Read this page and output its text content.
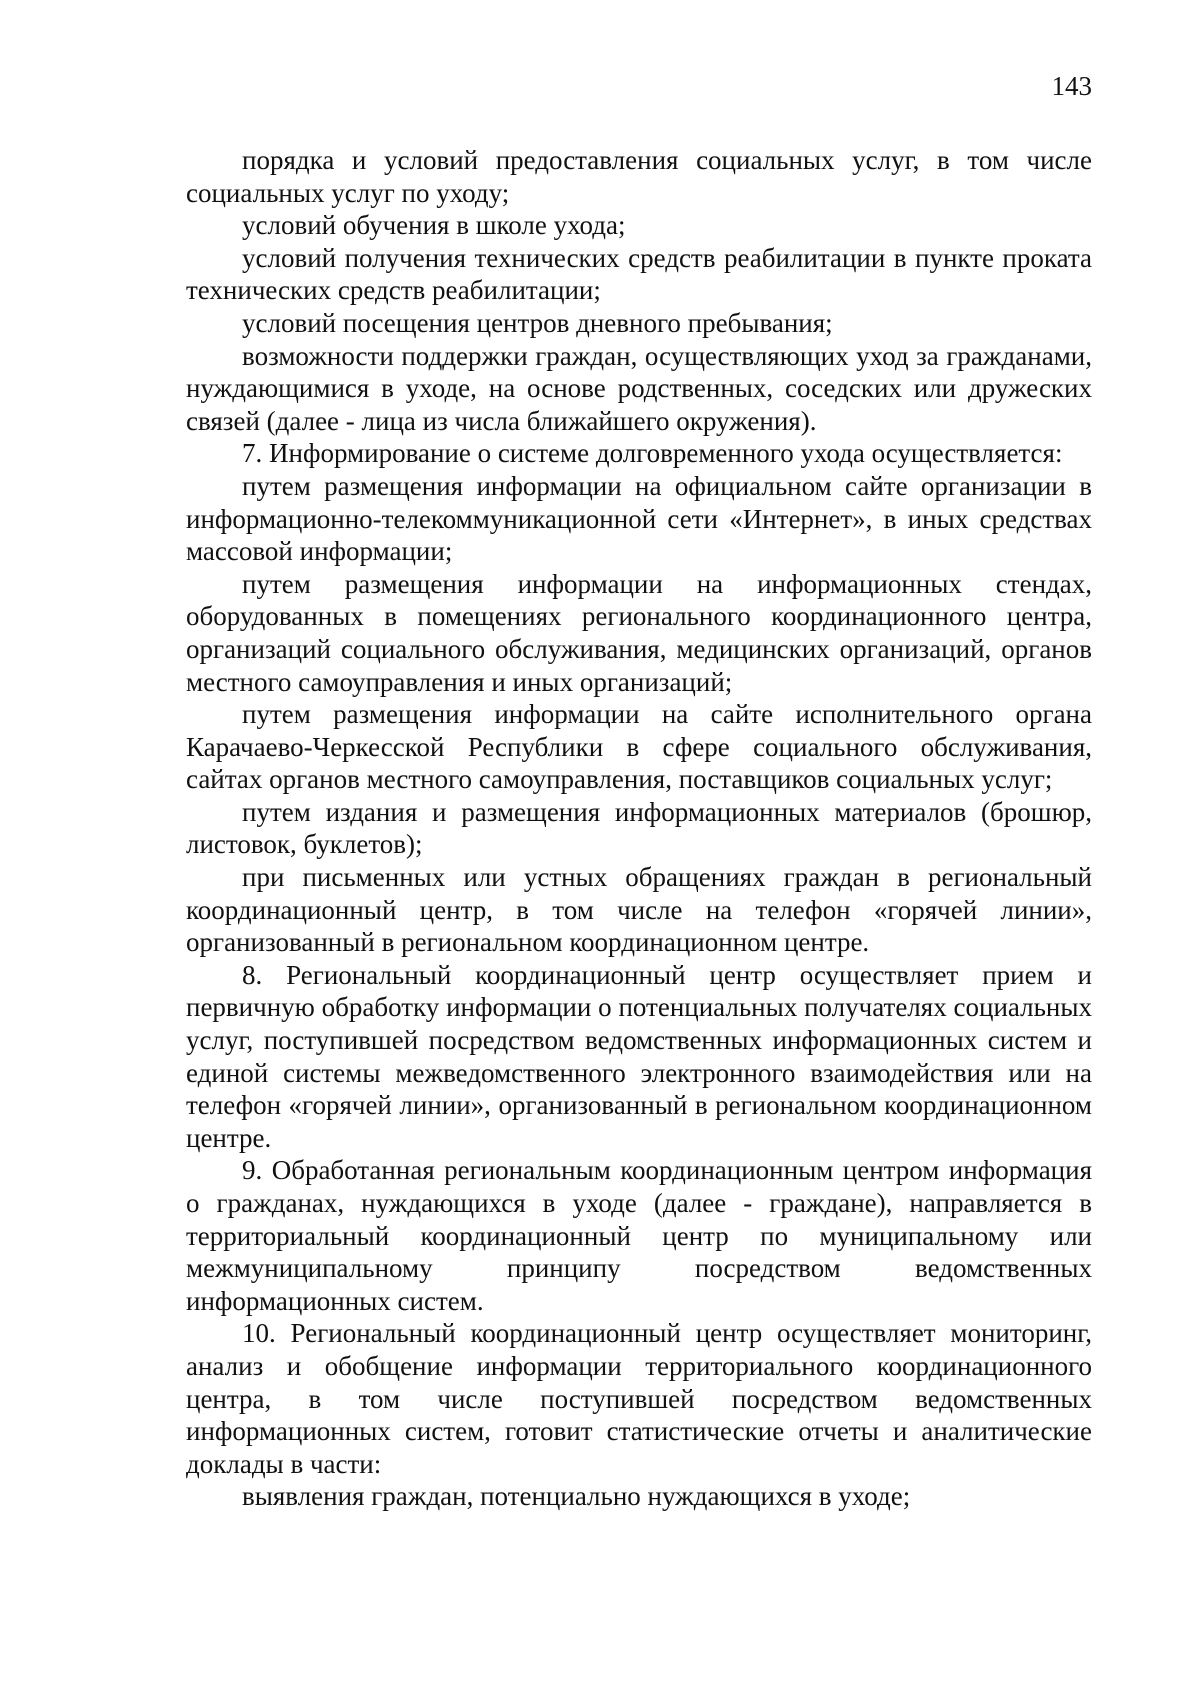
143

порядка и условий предоставления социальных услуг, в том числе социальных услуг по уходу;

условий обучения в школе ухода;

условий получения технических средств реабилитации в пункте проката технических средств реабилитации;

условий посещения центров дневного пребывания;

возможности поддержки граждан, осуществляющих уход за гражданами, нуждающимися в уходе, на основе родственных, соседских или дружеских связей (далее - лица из числа ближайшего окружения).

7. Информирование о системе долговременного ухода осуществляется:

путем размещения информации на официальном сайте организации в информационно-телекоммуникационной сети «Интернет», в иных средствах массовой информации;

путем размещения информации на информационных стендах, оборудованных в помещениях регионального координационного центра, организаций социального обслуживания, медицинских организаций, органов местного самоуправления и иных организаций;

путем размещения информации на сайте исполнительного органа Карачаево-Черкесской Республики в сфере социального обслуживания, сайтах органов местного самоуправления, поставщиков социальных услуг;

путем издания и размещения информационных материалов (брошюр, листовок, буклетов);

при письменных или устных обращениях граждан в региональный координационный центр, в том числе на телефон «горячей линии», организованный в региональном координационном центре.

8. Региональный координационный центр осуществляет прием и первичную обработку информации о потенциальных получателях социальных услуг, поступившей посредством ведомственных информационных систем и единой системы межведомственного электронного взаимодействия или на телефон «горячей линии», организованный в региональном координационном центре.

9. Обработанная региональным координационным центром информация о гражданах, нуждающихся в уходе (далее - граждане), направляется в территориальный координационный центр по муниципальному или межмуниципальному принципу посредством ведомственных информационных систем.

10. Региональный координационный центр осуществляет мониторинг, анализ и обобщение информации территориального координационного центра, в том числе поступившей посредством ведомственных информационных систем, готовит статистические отчеты и аналитические доклады в части:

выявления граждан, потенциально нуждающихся в уходе;
